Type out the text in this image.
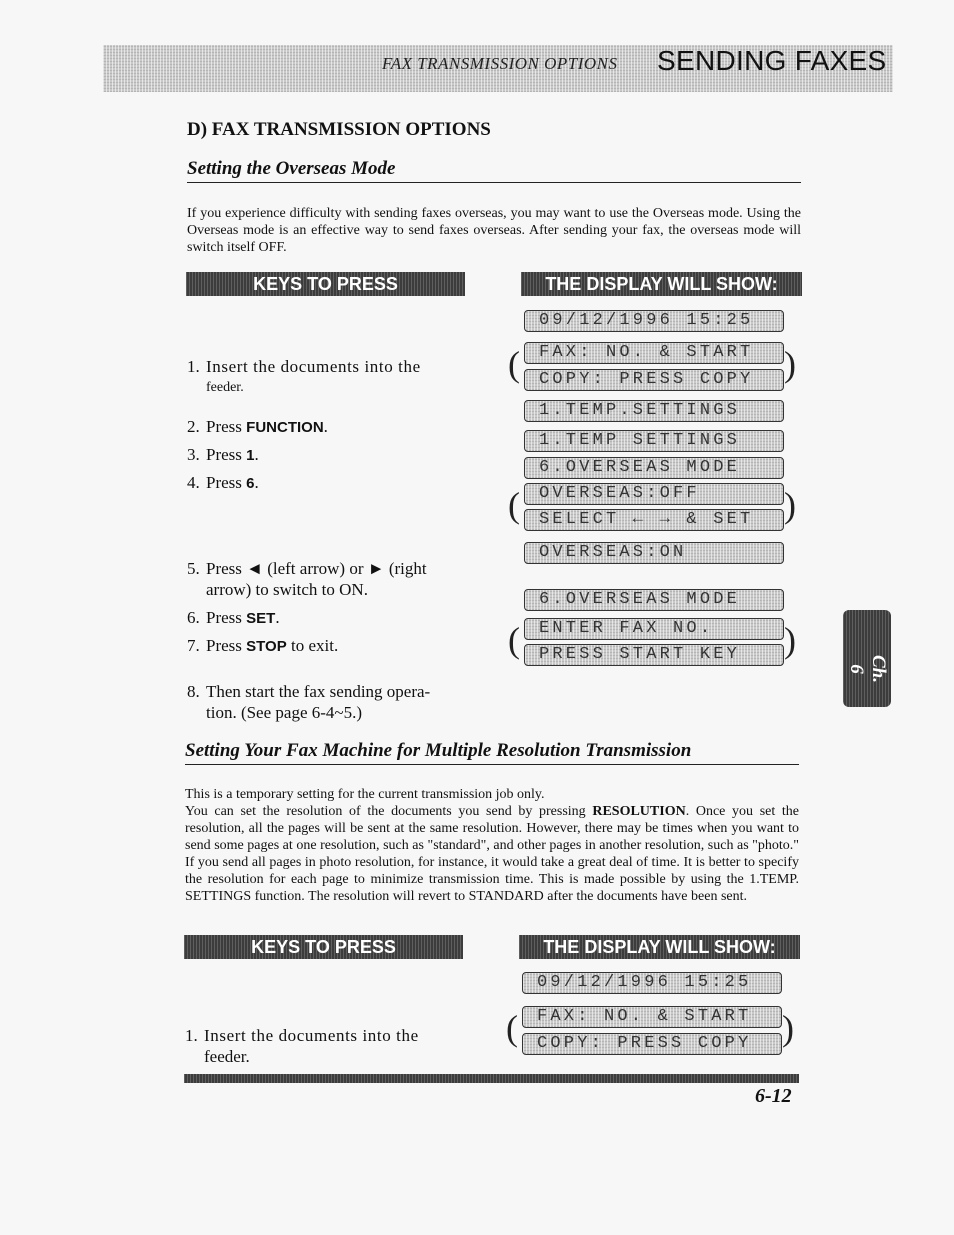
FAX TRANSMISSION OPTIONS SENDING FAXES
D) FAX TRANSMISSION OPTIONS
Setting the Overseas Mode
If you experience difficulty with sending faxes overseas, you may want to use the Overseas mode. Using the Overseas mode is an effective way to send faxes overseas. After sending your fax, the overseas mode will switch itself OFF.
KEYS TO PRESS	THE DISPLAY WILL SHOW:
1. Insert the documents into the
feeder.
2. Press FUNCTION.
3. Press 1.
4. Press 6.
5. Press ◄ (left arrow) or ► (right
arrow) to switch to ON.
6. Press SET.
7. Press STOP to exit.
8. Then start the fax sending opera-
tion. (See page 6-4~5.)
09/12/1996 15:25
FAX: NO. & START
COPY: PRESS COPY
1.TEMP.SETTINGS
1.TEMP SETTINGS
6.OVERSEAS MODE
OVERSEAS:OFF
SELECT ← → & SET
OVERSEAS:ON
6.OVERSEAS MODE
ENTER FAX NO.
PRESS START KEY
(	)
(	)
(	)
Ch. 6
Setting Your Fax Machine for Multiple Resolution Transmission
This is a temporary setting for the current transmission job only.
You can set the resolution of the documents you send by pressing RESOLUTION. Once you set the resolution, all the pages will be sent at the same resolution. However, there may be times when you want to send some pages at one resolution, such as "standard", and other pages in another resolution, such as "photo." If you send all pages in photo resolution, for instance, it would take a great deal of time. It is better to specify the resolution for each page to minimize transmission time. This is made possible by using the 1.TEMP. SETTINGS function. The resolution will revert to STANDARD after the documents have been sent.
KEYS TO PRESS	THE DISPLAY WILL SHOW:
1. Insert the documents into the
feeder.
09/12/1996 15:25
FAX: NO. & START
COPY: PRESS COPY
(	)
6-12
